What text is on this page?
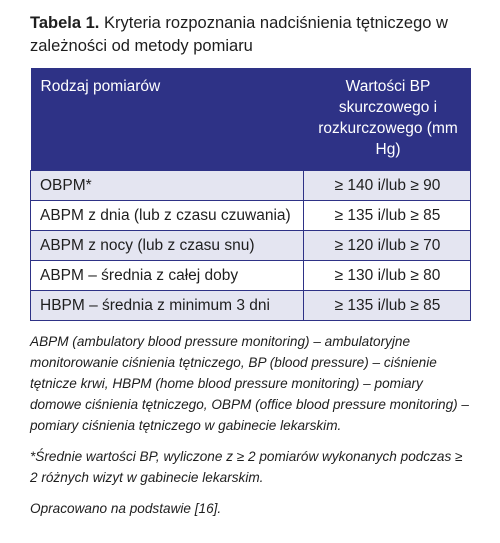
Tabela 1. Kryteria rozpoznania nadciśnienia tętniczego w zależności od metody pomiaru
Rodzaj pomiarów	Wartości BP skurczowego i rozkurczowego (mm Hg)
OBPM*	≥ 140 i/lub ≥ 90
ABPM z dnia (lub z czasu czuwania)	≥ 135 i/lub ≥ 85
ABPM z nocy (lub z czasu snu)	≥ 120 i/lub ≥ 70
ABPM – średnia z całej doby	≥ 130 i/lub ≥ 80
HBPM – średnia z minimum 3 dni	≥ 135 i/lub ≥ 85

ABPM (ambulatory blood pressure monitoring) – ambulatoryjne monitorowanie ciśnienia tętniczego, BP (blood pressure) – ciśnienie tętnicze krwi, HBPM (home blood pressure monitoring) – pomiary domowe ciśnienia tętniczego, OBPM (office blood pressure monitoring) – pomiary ciśnienia tętniczego w gabinecie lekarskim.

*Średnie wartości BP, wyliczone z ≥ 2 pomiarów wykonanych podczas ≥ 2 różnych wizyt w gabinecie lekarskim.

Opracowano na podstawie [16].
